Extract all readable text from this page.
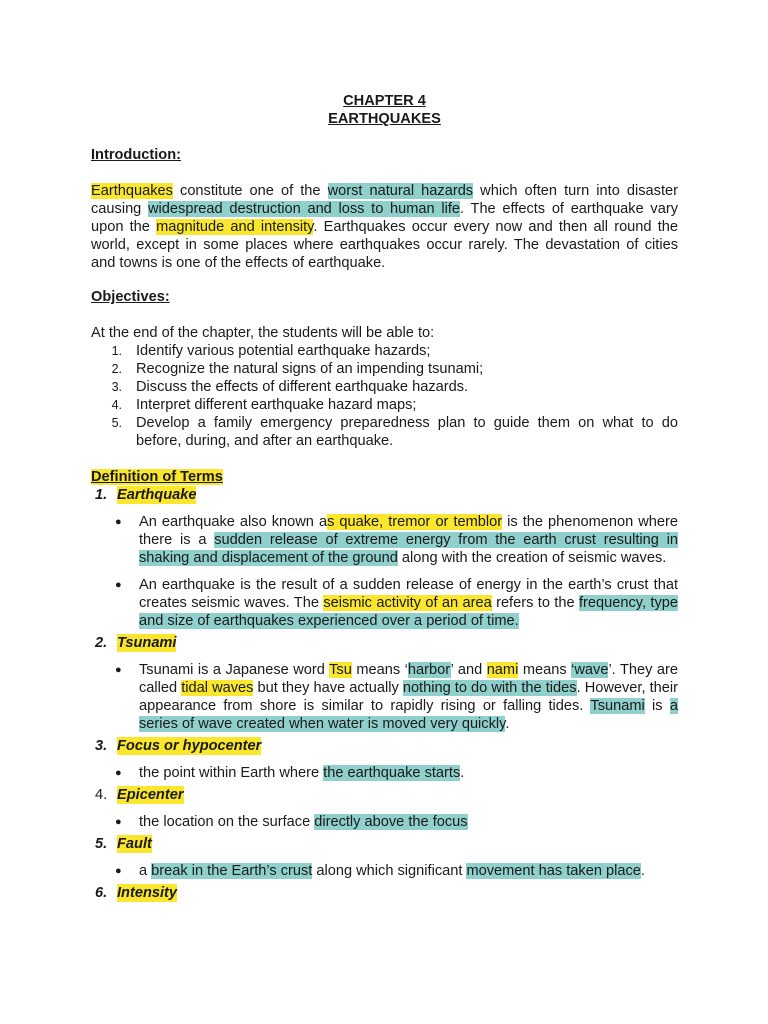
CHAPTER 4
EARTHQUAKES
Introduction:

Earthquakes constitute one of the worst natural hazards which often turn into disaster causing widespread destruction and loss to human life. The effects of earthquake vary upon the magnitude and intensity. Earthquakes occur every now and then all round the world, except in some places where earthquakes occur rarely. The devastation of cities and towns is one of the effects of earthquake.

Objectives:

At the end of the chapter, the students will be able to:

1. Identify various potential earthquake hazards;
2. Recognize the natural signs of an impending tsunami;
3. Discuss the effects of different earthquake hazards.
4. Interpret different earthquake hazard maps;
5. Develop a family emergency preparedness plan to guide them on what to do before, during, and after an earthquake.
Definition of Terms
1. Earthquake
●	An earthquake also known as quake, tremor or temblor is the phenomenon where there is a sudden release of extreme energy from the earth crust resulting in shaking and displacement of the ground along with the creation of seismic waves.
●	An earthquake is the result of a sudden release of energy in the earth’s crust that creates seismic waves. The seismic activity of an area refers to the frequency, type and size of earthquakes experienced over a period of time.
2. Tsunami
●	Tsunami is a Japanese word Tsu means ‘harbor’ and nami means ‘wave’. They are called tidal waves but they have actually nothing to do with the tides. However, their appearance from shore is similar to rapidly rising or falling tides. Tsunami is a series of wave created when water is moved very quickly.
3. Focus or hypocenter
●	the point within Earth where the earthquake starts.
4. Epicenter
●	the location on the surface directly above the focus
5. Fault
●	a break in the Earth’s crust along which significant movement has taken place.
6. Intensity
